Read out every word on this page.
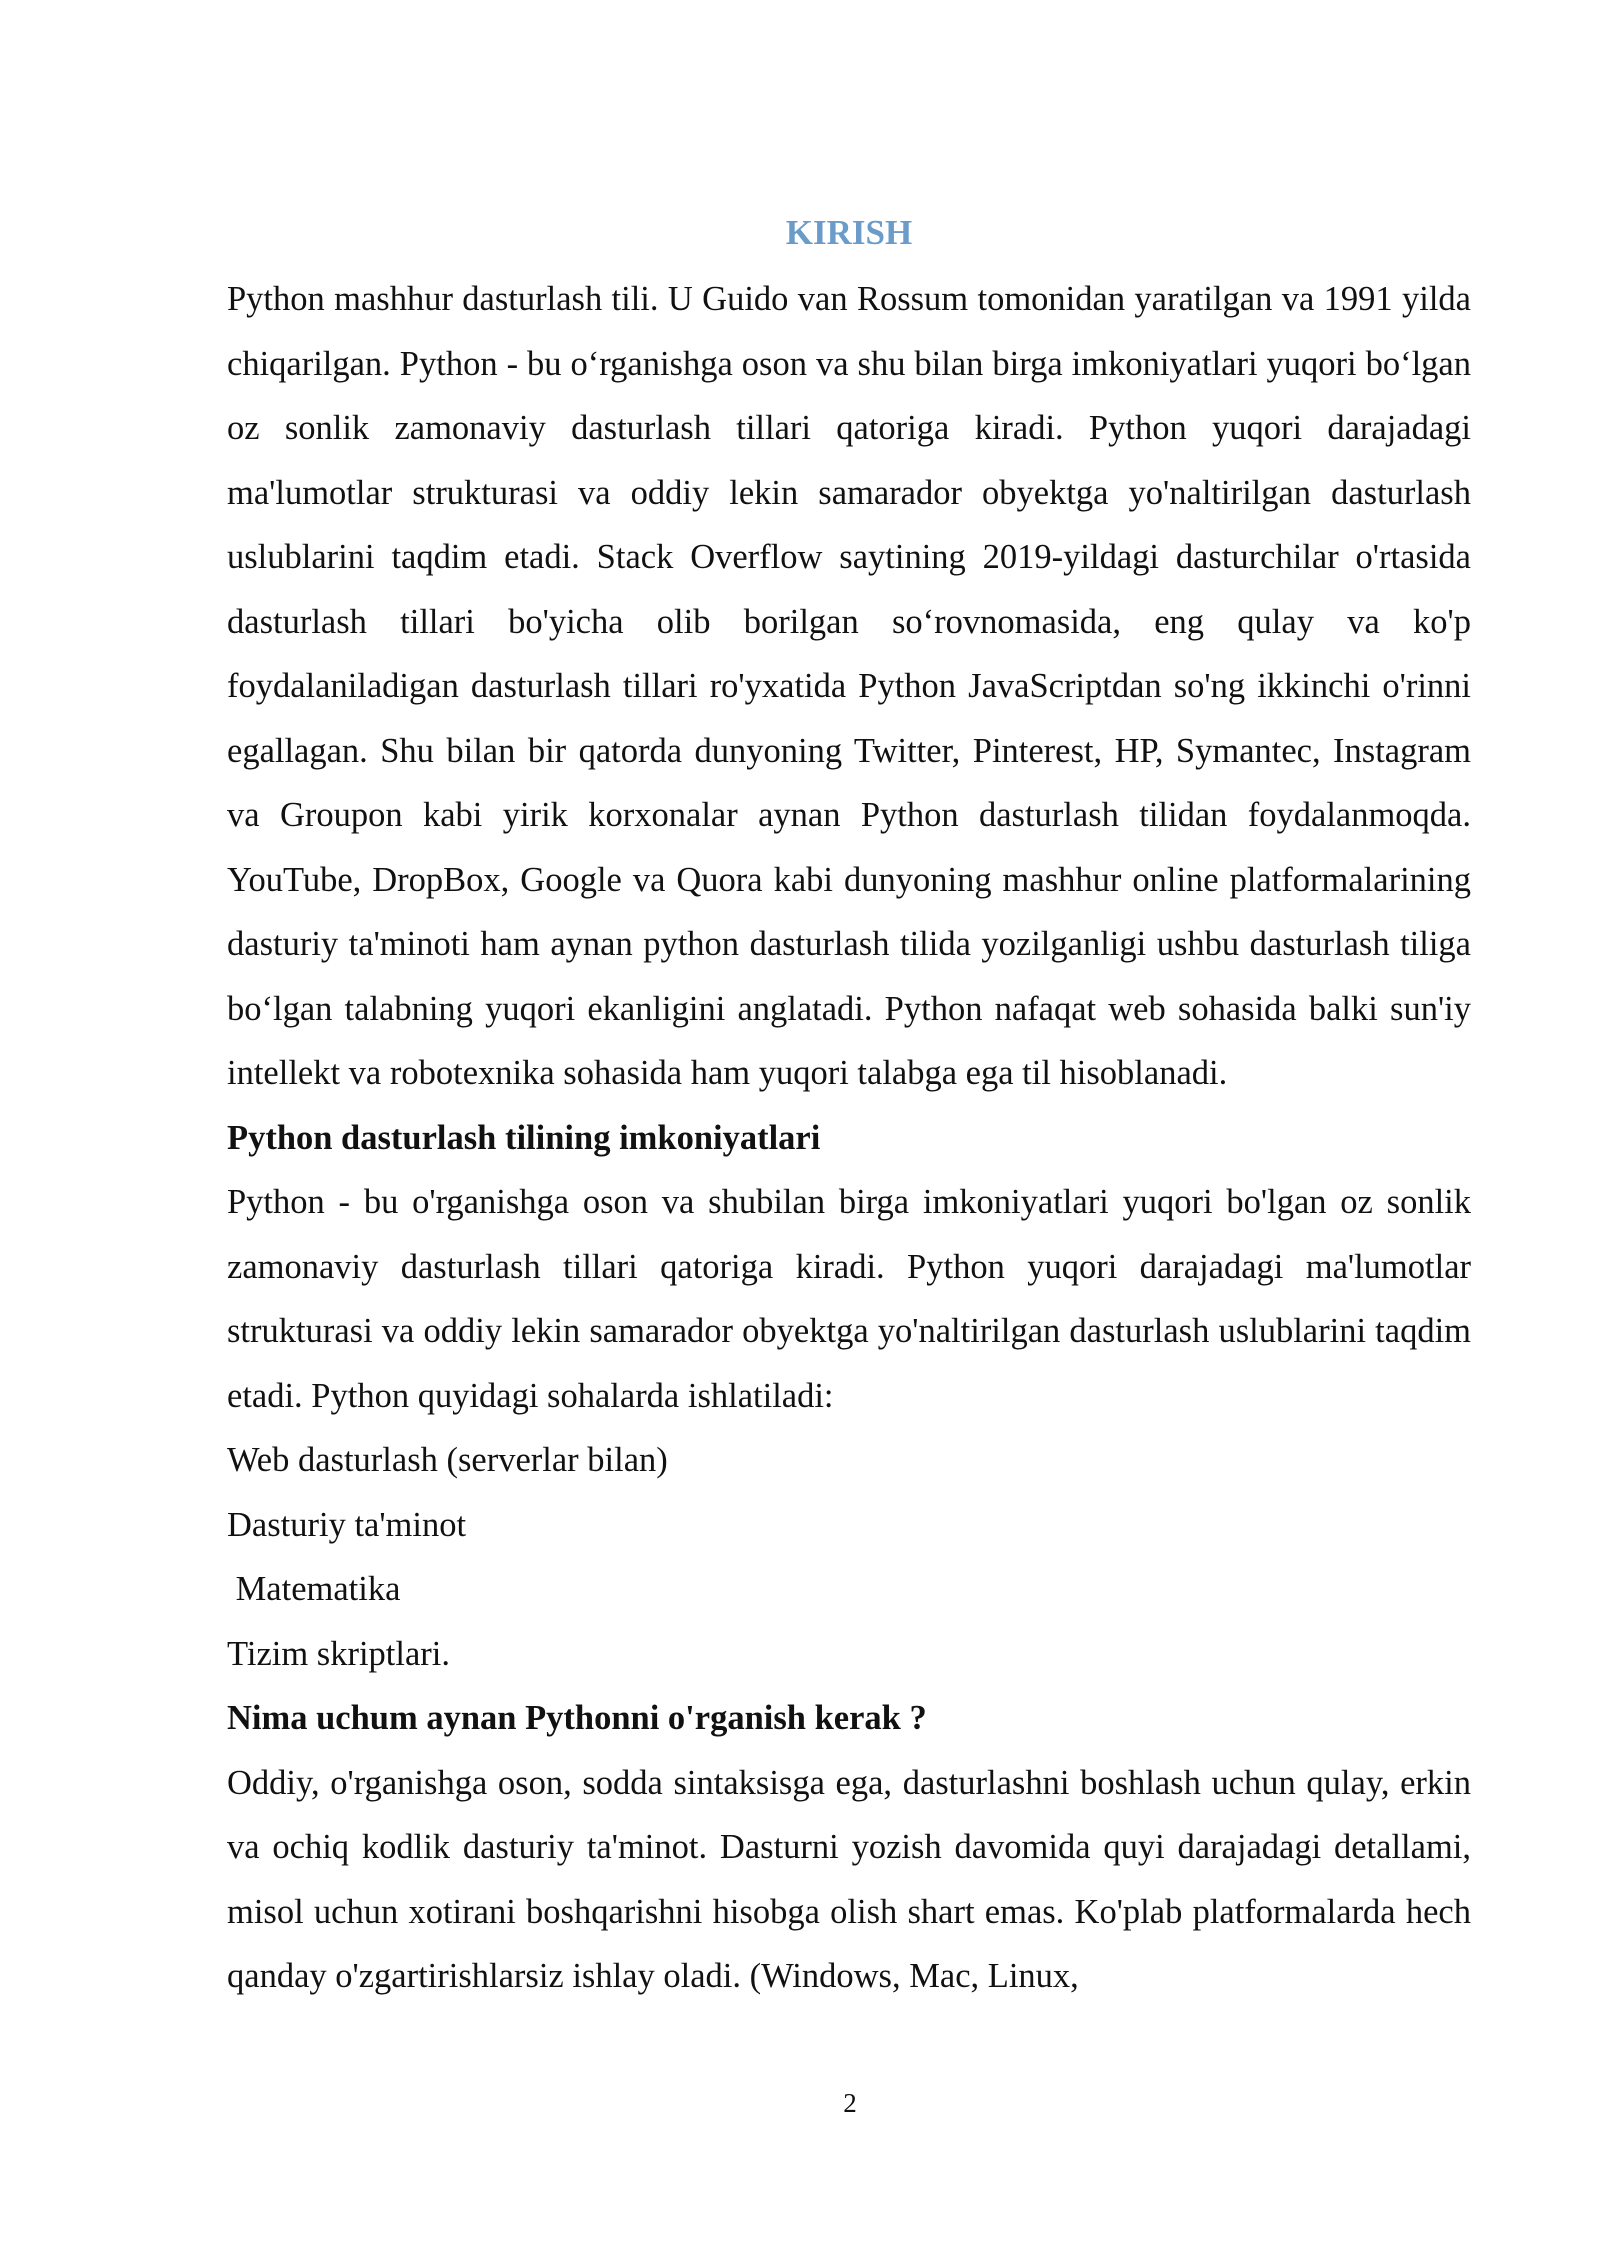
KIRISH

Python mashhur dasturlash tili. U Guido van Rossum tomonidan yaratilgan va 1991 yilda chiqarilgan. Python - bu o‘rganishga oson va shu bilan birga imkoniyatlari yuqori bo‘lgan oz sonlik zamonaviy dasturlash tillari qatoriga kiradi. Python yuqori darajadagi ma'lumotlar strukturasi va oddiy lekin samarador obyektga yo'naltirilgan dasturlash uslublarini taqdim etadi. Stack Overflow saytining 2019-yildagi dasturchilar o'rtasida dasturlash tillari bo'yicha olib borilgan so‘rovnomasida, eng qulay va ko'p foydalaniladigan dasturlash tillari ro'yxatida Python JavaScriptdan so'ng ikkinchi o'rinni egallagan. Shu bilan bir qatorda dunyoning Twitter, Pinterest, HP, Symantec, Instagram va Groupon kabi yirik korxonalar aynan Python dasturlash tilidan foydalanmoqda. YouTube, DropBox, Google va Quora kabi dunyoning mashhur online platformalarining dasturiy ta'minoti ham aynan python dasturlash tilida yozilganligi ushbu dasturlash tiliga bo‘lgan talabning yuqori ekanligini anglatadi. Python nafaqat web sohasida balki sun'iy intellekt va robotexnika sohasida ham yuqori talabga ega til hisoblanadi.

Python dasturlash tilining imkoniyatlari

Python - bu o'rganishga oson va shubilan birga imkoniyatlari yuqori bo'lgan oz sonlik zamonaviy dasturlash tillari qatoriga kiradi. Python yuqori darajadagi ma'lumotlar strukturasi va oddiy lekin samarador obyektga yo'naltirilgan dasturlash uslublarini taqdim etadi. Python quyidagi sohalarda ishlatiladi:

Web dasturlash (serverlar bilan)

Dasturiy ta'minot

Matematika

Tizim skriptlari.

Nima uchum aynan Pythonni o'rganish kerak ?

Oddiy, o'rganishga oson, sodda sintaksisga ega, dasturlashni boshlash uchun qulay, erkin va ochiq kodlik dasturiy ta'minot. Dasturni yozish davomida quyi darajadagi detallami, misol uchun xotirani boshqarishni hisobga olish shart emas. Ko'plab platformalarda hech qanday o'zgartirishlarsiz ishlay oladi. (Windows, Mac, Linux,

2
